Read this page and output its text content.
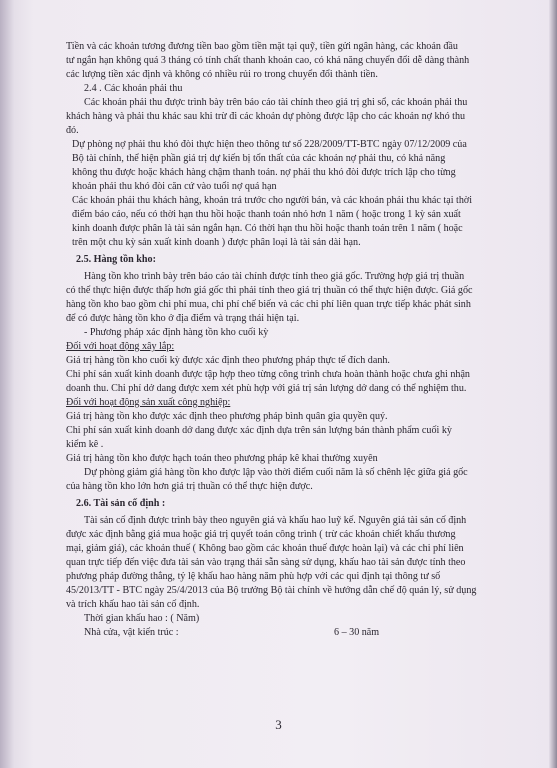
Tiền và các khoản tương đương tiền bao gồm tiền mặt tại quỹ, tiền gửi ngân hàng, các khoản đầu

tư ngắn hạn không quá 3 tháng có tính chất thanh khoản cao, có khả năng chuyển đổi dễ dàng thành

các lượng tiền xác định và không có nhiều rủi ro trong chuyển đổi thành tiền.

2.4 . Các khoản phải thu

Các khoản phải thu được trình bày trên báo cáo tài chính theo giá trị ghi sổ, các khoản phải thu

khách hàng và phải thu khác sau khi trừ đi các khoản dự phòng được lập cho các khoản nợ khó thu

đó.

Dự phòng nợ phải thu khó đòi thực hiện theo thông tư số 228/2009/TT-BTC ngày 07/12/2009 của

Bộ tài chính, thể hiện phần giá trị dự kiến bị tổn thất của các khoản nợ phải thu, có khả năng

không thu được hoặc khách hàng chậm thanh toán. nợ phải thu khó đòi được trích lập cho từng

khoản phải thu khó đòi căn cứ vào tuổi nợ quá hạn

Các khoản phải thu khách hàng, khoản trả trước cho người bán, và các khoản phải thu khác tại thời

điểm báo cáo, nếu có thời hạn thu hồi hoặc thanh toán nhỏ hơn 1 năm ( hoặc trong 1 kỳ sản xuất

kinh doanh được phân là tài sản ngắn hạn. Có thời hạn thu hồi hoặc thanh toán trên 1 năm ( hoặc

trên một chu kỳ sản xuất kinh doanh ) được phân loại là tài sản dài hạn.

2.5. Hàng tồn kho:

Hàng tồn kho trình bày trên báo cáo tài chính được tính theo giá gốc. Trường hợp giá trị thuần

có thể thực hiện được thấp hơn giá gốc thì phải tính theo giá trị thuần có thể thực hiện được. Giá gốc

hàng tồn kho bao gồm chi phí mua, chi phí chế biến và các chi phí liên quan trực tiếp khác phát sinh

để có được hàng tồn kho ở địa điểm và trạng thái hiện tại.

- Phương pháp xác định hàng tồn kho cuối kỳ

Đối với hoạt động xây lắp:

Giá trị hàng tồn kho cuối kỳ được xác định theo phương pháp thực tế đích danh.

Chi phí sản xuất kinh doanh được tập hợp theo từng công trình chưa hoàn thành hoặc chưa ghi nhận

doanh thu. Chi phí dở dang được xem xét phù hợp với giá trị sản lượng dở dang có thể nghiệm thu.

Đối với hoạt động sản xuất công nghiệp:

Giá trị hàng tồn kho được xác định theo phương pháp bình quân gia quyền quý.

Chi phí sản xuất kinh doanh dở dang được xác định dựa trên sản lượng bán thành phẩm cuối kỳ

kiểm kê .

Giá trị hàng tồn kho được hạch toán theo phương pháp kê khai thường xuyên

Dự phòng giảm giá hàng tồn kho được lập vào thời điểm cuối năm là số chênh lệc giữa giá gốc

của hàng tồn kho lớn hơn giá trị thuần có thể thực hiện được.

2.6. Tài sản cố định :

Tài sản cố định được trình bày theo nguyên giá và khấu hao luỹ kế. Nguyên giá tài sản cố định

được xác định bằng giá mua hoặc giá trị quyết toán công trình ( trừ các khoản chiết khấu thương

mại, giảm giá), các khoản thuế ( Không bao gồm các khoản thuế được hoàn lại) và các chi phí liên

quan trực tiếp đến việc đưa tài sản vào trạng thái sẵn sàng sử dụng, khấu hao tài sản được tính theo

phương pháp đường thẳng, tỷ lệ khấu hao hàng năm phù hợp với các qui định tại thông tư số

45/2013/TT - BTC ngày 25/4/2013 của Bộ trưởng Bộ tài chính về hướng dẫn chế độ quản lý, sử dụng

và trích khấu hao tài sản cố định.

Thời gian khấu hao : ( Năm)

Nhà cửa, vật kiến trúc :	6 – 30 năm

3
